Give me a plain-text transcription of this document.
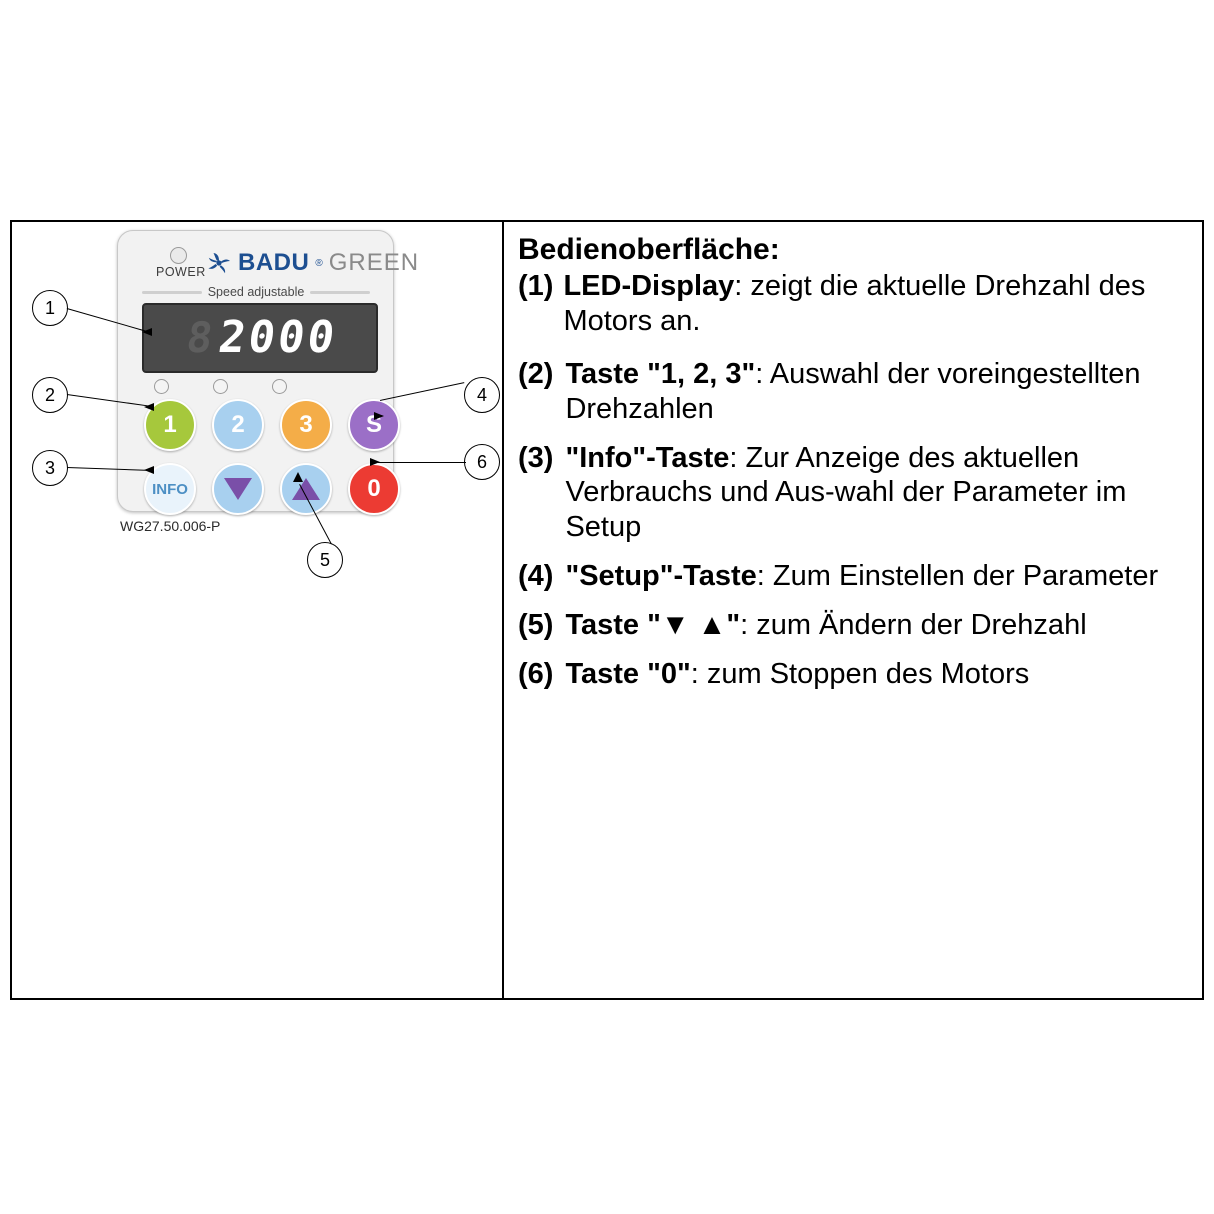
POWER BADU ® GREEN
Speed adjustable
8
2000
1	2	3	S
INFO	0
WG27.50.006-P
1
2
3
4
5
6
Bedienoberfläche:
(1) LED-Display: zeigt die aktuelle Drehzahl des Motors an.
(2) Taste "1, 2, 3": Auswahl der voreingestellten Drehzahlen
(3) "Info"-Taste: Zur Anzeige des aktuellen Verbrauchs und Aus-wahl der Parameter im Setup
(4) "Setup"-Taste: Zum Einstellen der Parameter
(5) Taste "▼ ▲": zum Ändern der Drehzahl
(6) Taste "0": zum Stoppen des Motors
